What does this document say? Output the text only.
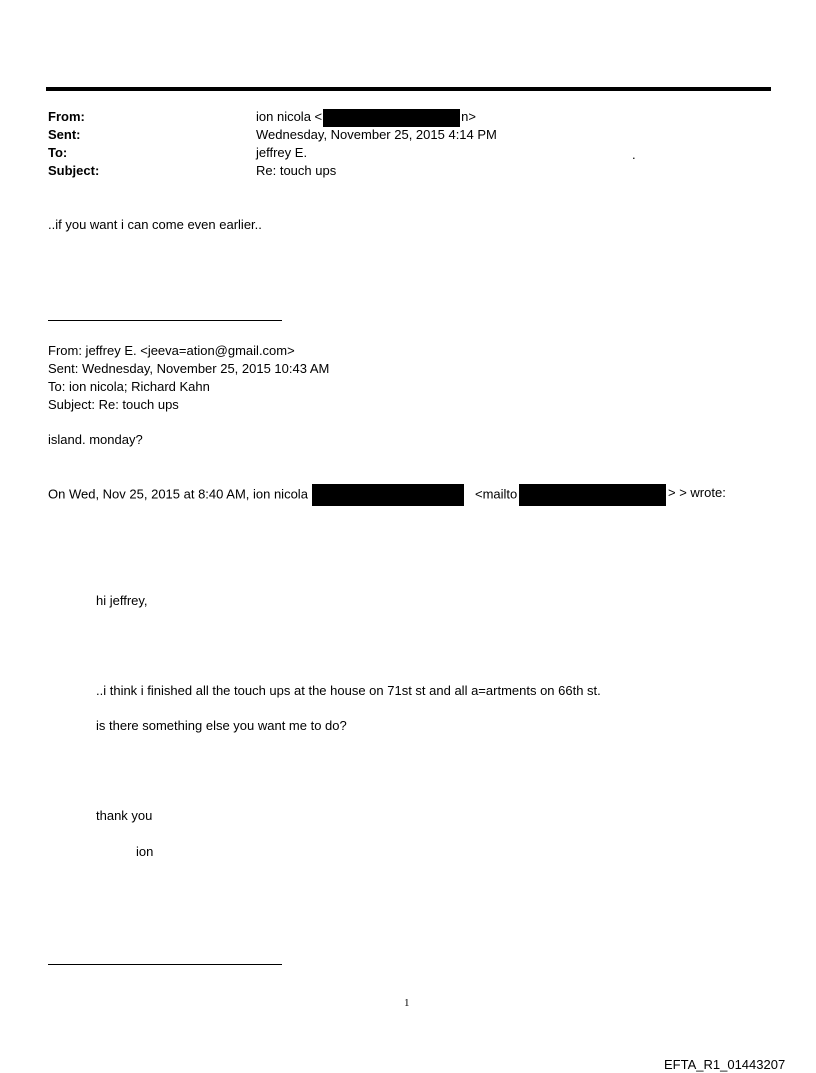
From:	ion nicola <	n>
Sent:	Wednesday, November 25, 2015 4:14 PM
To:	jeffrey E.	.
Subject:	Re: touch ups
..if you want i can come even earlier..
From: jeffrey E. <jeeva=ation@gmail.com>
Sent: Wednesday, November 25, 2015 10:43 AM
To: ion nicola; Richard Kahn
Subject: Re: touch ups
island. monday?
On Wed, Nov 25, 2015 at 8:40 AM, ion nicola	<mailto	> > wrote:
hi jeffrey,
..i think i finished all the touch ups at the house on 71st st and all a=artments on 66th st.
is there something else you want me to do?
thank you
ion
1
EFTA_R1_01443207
